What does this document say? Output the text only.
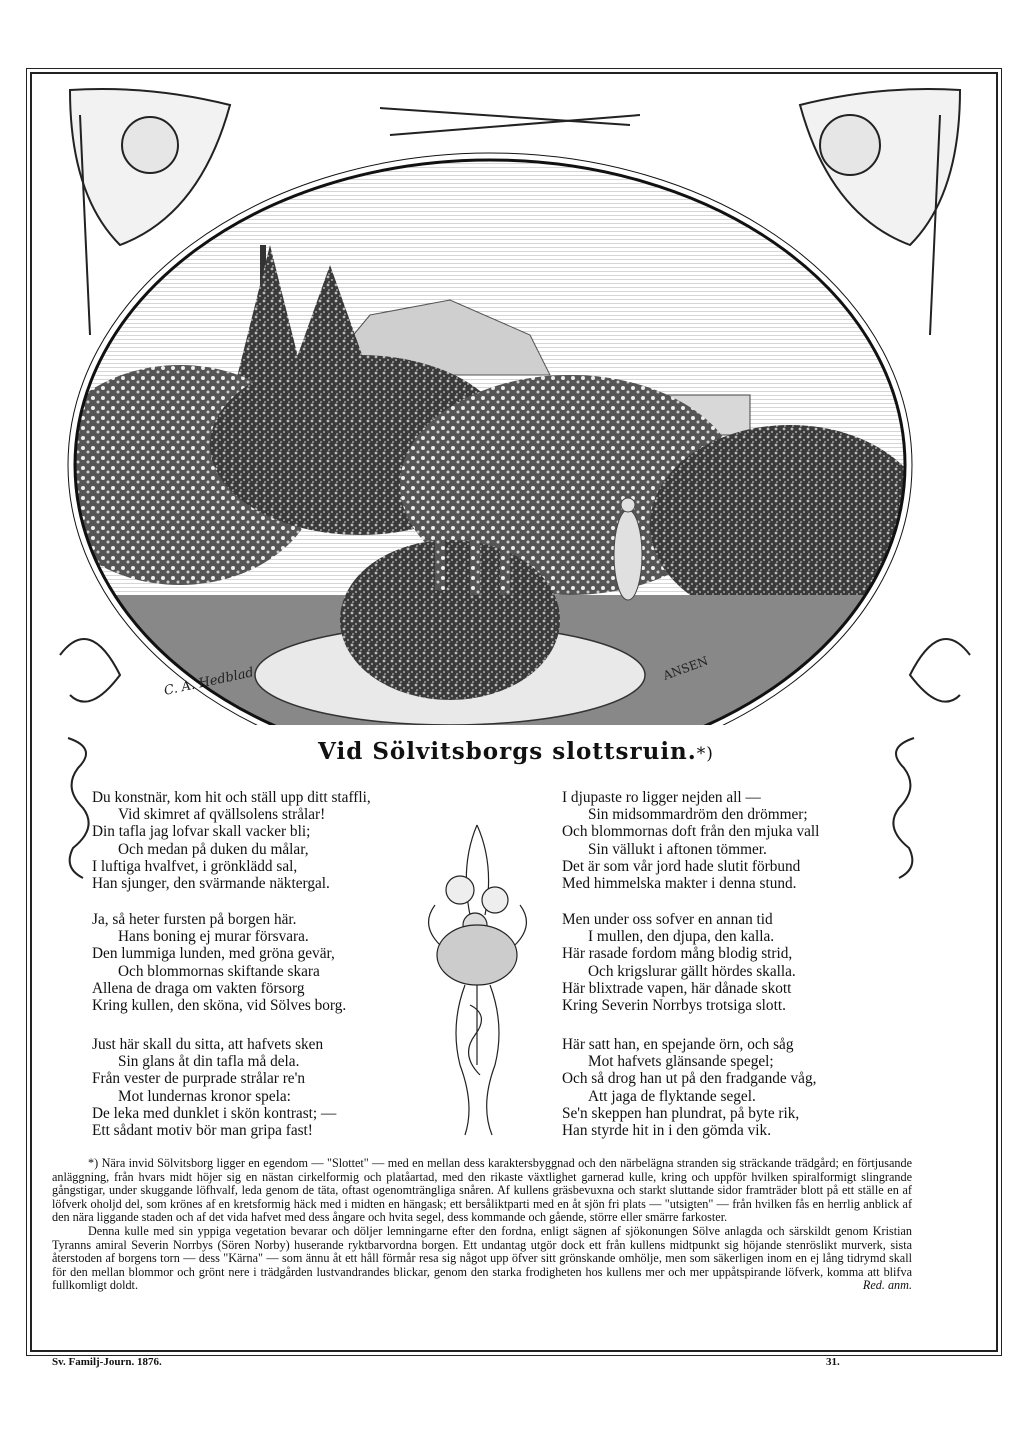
C. A. Hedblad	ANSEN
Vid Sölvitsborgs slottsruin.*)
Du konstnär, kom hit och ställ upp ditt staffli,
Vid skimret af qvällsolens strålar!
Din tafla jag lofvar skall vacker bli;
Och medan på duken du målar,
I luftiga hvalfvet, i grönklädd sal,
Han sjunger, den svärmande näktergal.
Ja, så heter fursten på borgen här.
Hans boning ej murar försvara.
Den lummiga lunden, med gröna gevär,
Och blommornas skiftande skara
Allena de draga om vakten försorg
Kring kullen, den sköna, vid Sölves borg.
Just här skall du sitta, att hafvets sken
Sin glans åt din tafla må dela.
Från vester de purprade strålar re'n
Mot lundernas kronor spela:
De leka med dunklet i skön kontrast; —
Ett sådant motiv bör man gripa fast!
I djupaste ro ligger nejden all —
Sin midsommardröm den drömmer;
Och blommornas doft från den mjuka vall
Sin vällukt i aftonen tömmer.
Det är som vår jord hade slutit förbund
Med himmelska makter i denna stund.
Men under oss sofver en annan tid
I mullen, den djupa, den kalla.
Här rasade fordom mång blodig strid,
Och krigslurar gällt hördes skalla.
Här blixtrade vapen, här dånade skott
Kring Severin Norrbys trotsiga slott.
Här satt han, en spejande örn, och såg
Mot hafvets glänsande spegel;
Och så drog han ut på den fradgande våg,
Att jaga de flyktande segel.
Se'n skeppen han plundrat, på byte rik,
Han styrde hit in i den gömda vik.

*) Nära invid Sölvitsborg ligger en egendom — "Slottet" — med en mellan dess karaktersbyggnad och den närbelägna stranden sig sträckande trädgård; en förtjusande anläggning, från hvars midt höjer sig en nästan cirkelformig och platåartad, med den rikaste växtlighet garnerad kulle, kring och uppför hvilken spiralformigt slingrande gångstigar, under skuggande löfhvalf, leda genom de täta, oftast ogenomträngliga snåren. Af kullens gräsbevuxna och starkt sluttande sidor framträder blott på ett ställe en af löfverk oholjd del, som krönes af en kretsformig häck med i midten en hängask; ett bersåliktparti med en åt sjön fri plats — "utsigten" — från hvilken fås en herrlig anblick af den nära liggande staden och af det vida hafvet med dess ångare och hvita segel, dess kommande och gående, större eller smärre farkoster.

Denna kulle med sin yppiga vegetation bevarar och döljer lemningarne efter den fordna, enligt sägnen af sjökonungen Sölve anlagda och särskildt genom Kristian Tyranns amiral Severin Norrbys (Sören Norby) huserande ryktbarvordna borgen. Ett undantag utgör dock ett från kullens midtpunkt sig höjande stenröslikt murverk, sista återstoden af borgens torn — dess "Kärna" — som ännu åt ett håll förmår resa sig något upp öfver sitt grönskande omhölje, men som säkerligen inom en ej lång tidrymd skall för den mellan blommor och grönt nere i trädgården lustvandrandes blickar, genom den starka frodigheten hos kullens mer och mer uppåtspirande löfverk, komma att blifva fullkomligt doldt.	Red. anm.

Sv. Familj-Journ. 1876.	31.
